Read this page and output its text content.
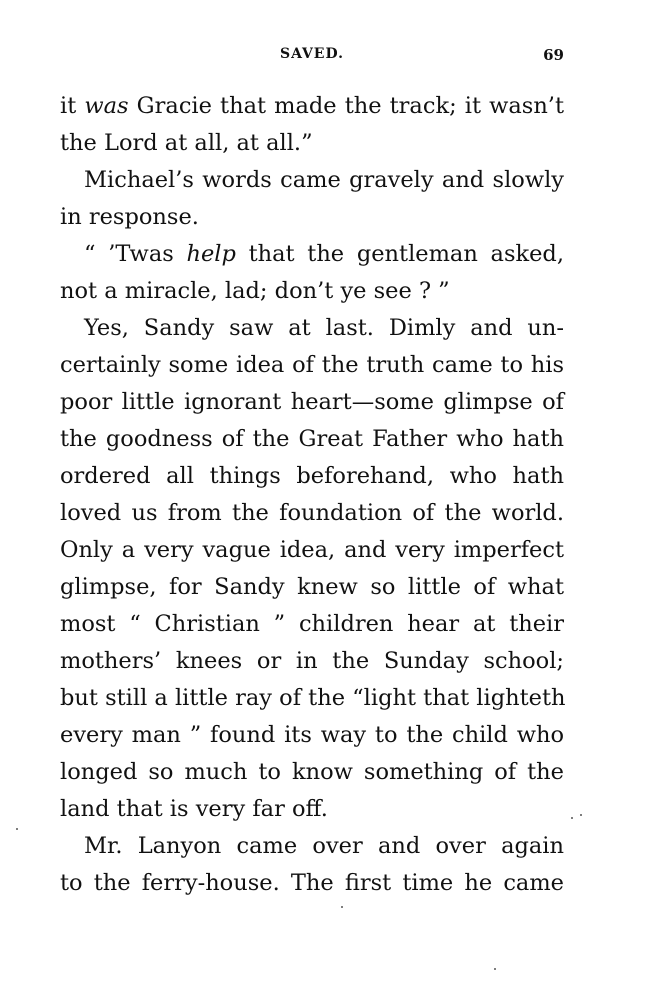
SAVED.	69
it was Gracie that made the track; it wasn’t
the Lord at all, at all.”
Michael’s words came gravely and slowly
in response.
“ ’Twas help that the gentleman asked,
not a miracle, lad; don’t ye see ? ”
Yes, Sandy saw at last. Dimly and un-
certainly some idea of the truth came to his
poor little ignorant heart—some glimpse of
the goodness of the Great Father who hath
ordered all things beforehand, who hath
loved us from the foundation of the world.
Only a very vague idea, and very imperfect
glimpse, for Sandy knew so little of what
most “ Christian ” children hear at their
mothers’ knees or in the Sunday school;
but still a little ray of the “light that lighteth
every man ” found its way to the child who
longed so much to know something of the
land that is very far off.
Mr. Lanyon came over and over again
to the ferry-house. The first time he came
